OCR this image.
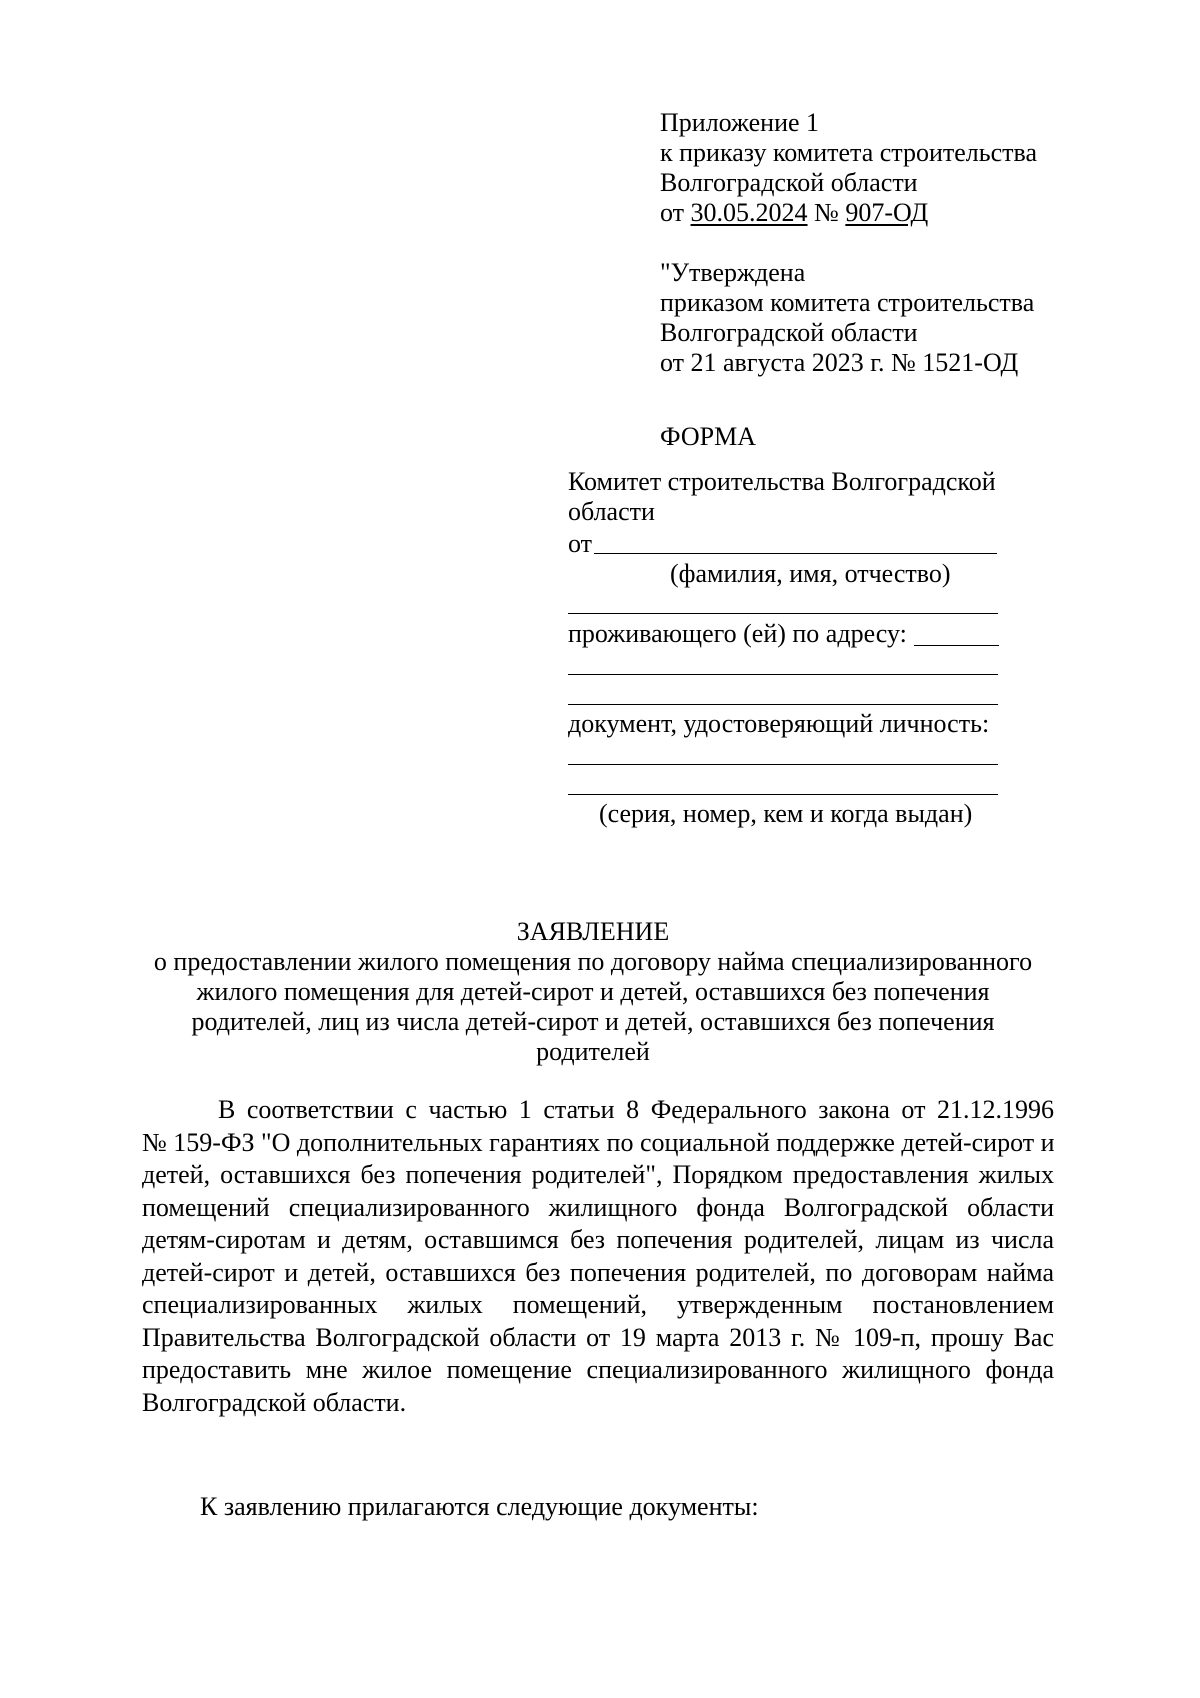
Приложение 1
к приказу комитета строительства
Волгоградской области
от 30.05.2024 № 907-ОД
"Утверждена
приказом комитета строительства
Волгоградской области
от 21 августа 2023 г. № 1521-ОД
ФОРМА
Комитет строительства Волгоградской
области
от
(фамилия, имя, отчество)
проживающего (ей) по адресу:
документ, удостоверяющий личность:
(серия, номер, кем и когда выдан)
ЗАЯВЛЕНИЕ
о предоставлении жилого помещения по договору найма специализированного
жилого помещения для детей-сирот и детей, оставшихся без попечения
родителей, лиц из числа детей-сирот и детей, оставшихся без попечения
родителей
В соответствии с частью 1 статьи 8 Федерального закона от 21.12.1996
№ 159-ФЗ "О дополнительных гарантиях по социальной поддержке детей-сирот и
детей, оставшихся без попечения родителей", Порядком предоставления жилых
помещений специализированного жилищного фонда Волгоградской области
детям-сиротам и детям, оставшимся без попечения родителей, лицам из числа
детей-сирот и детей, оставшихся без попечения родителей, по договорам найма
специализированных жилых помещений, утвержденным постановлением
Правительства Волгоградской области от 19 марта 2013 г. № 109-п, прошу Вас
предоставить мне жилое помещение специализированного жилищного фонда
Волгоградской области.
К заявлению прилагаются следующие документы:
